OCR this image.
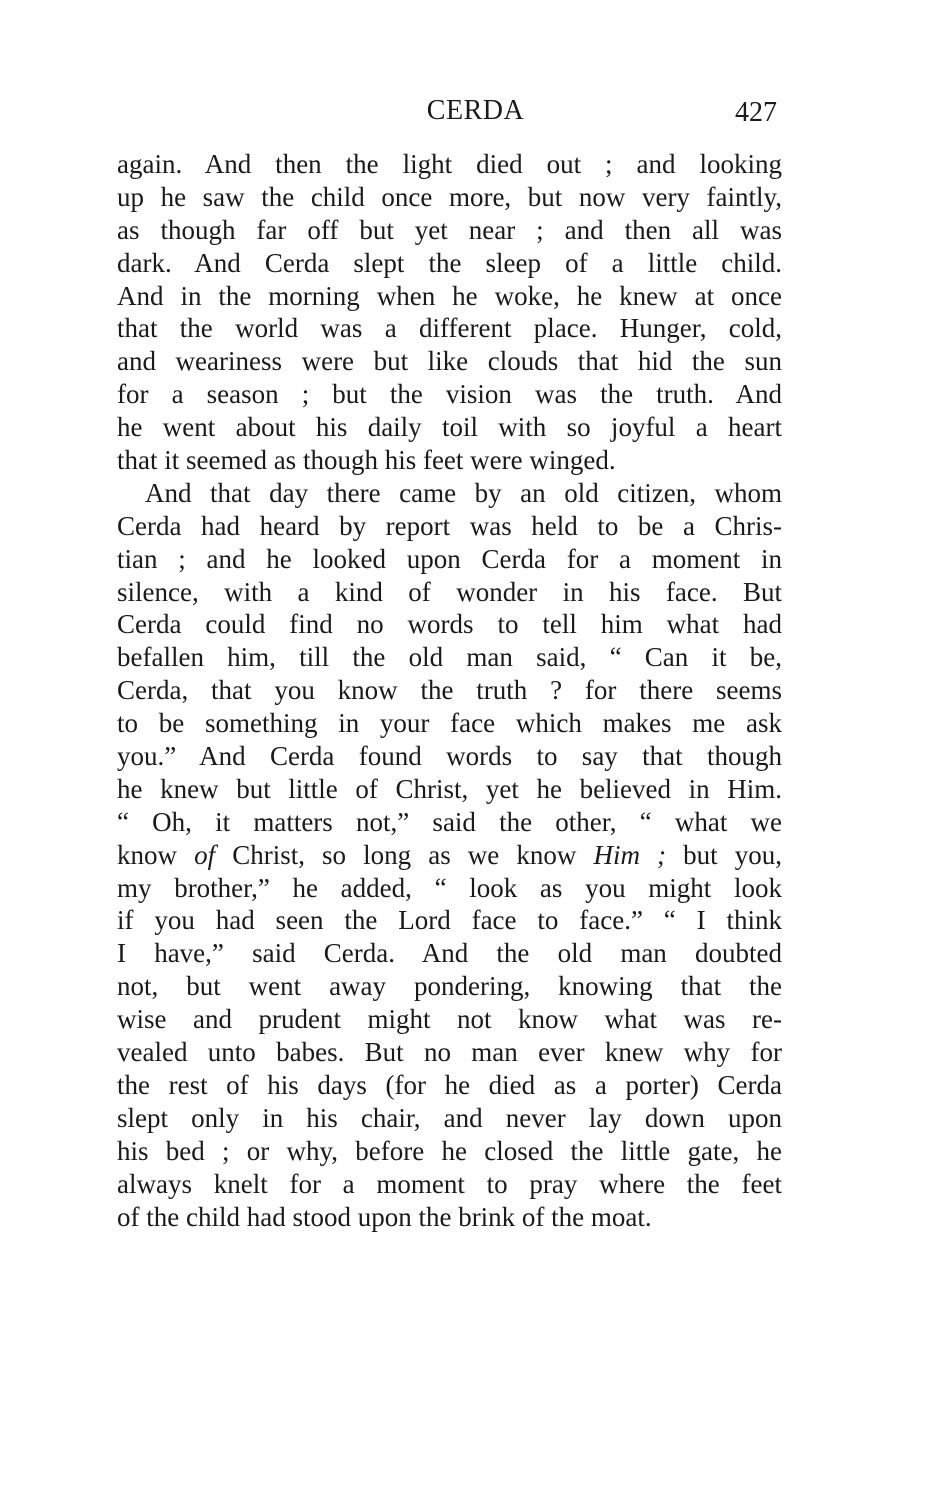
CERDA	427
again. And then the light died out ; and looking
up he saw the child once more, but now very faintly,
as though far off but yet near ; and then all was
dark. And Cerda slept the sleep of a little child.
And in the morning when he woke, he knew at once
that the world was a different place. Hunger, cold,
and weariness were but like clouds that hid the sun
for a season ; but the vision was the truth. And
he went about his daily toil with so joyful a heart
that it seemed as though his feet were winged.
And that day there came by an old citizen, whom
Cerda had heard by report was held to be a Chris-
tian ; and he looked upon Cerda for a moment in
silence, with a kind of wonder in his face. But
Cerda could find no words to tell him what had
befallen him, till the old man said, “ Can it be,
Cerda, that you know the truth ? for there seems
to be something in your face which makes me ask
you.” And Cerda found words to say that though
he knew but little of Christ, yet he believed in Him.
“ Oh, it matters not,” said the other, “ what we
know of Christ, so long as we know Him ; but you,
my brother,” he added, “ look as you might look
if you had seen the Lord face to face.” “ I think
I have,” said Cerda. And the old man doubted
not, but went away pondering, knowing that the
wise and prudent might not know what was re-
vealed unto babes. But no man ever knew why for
the rest of his days (for he died as a porter) Cerda
slept only in his chair, and never lay down upon
his bed ; or why, before he closed the little gate, he
always knelt for a moment to pray where the feet
of the child had stood upon the brink of the moat.
